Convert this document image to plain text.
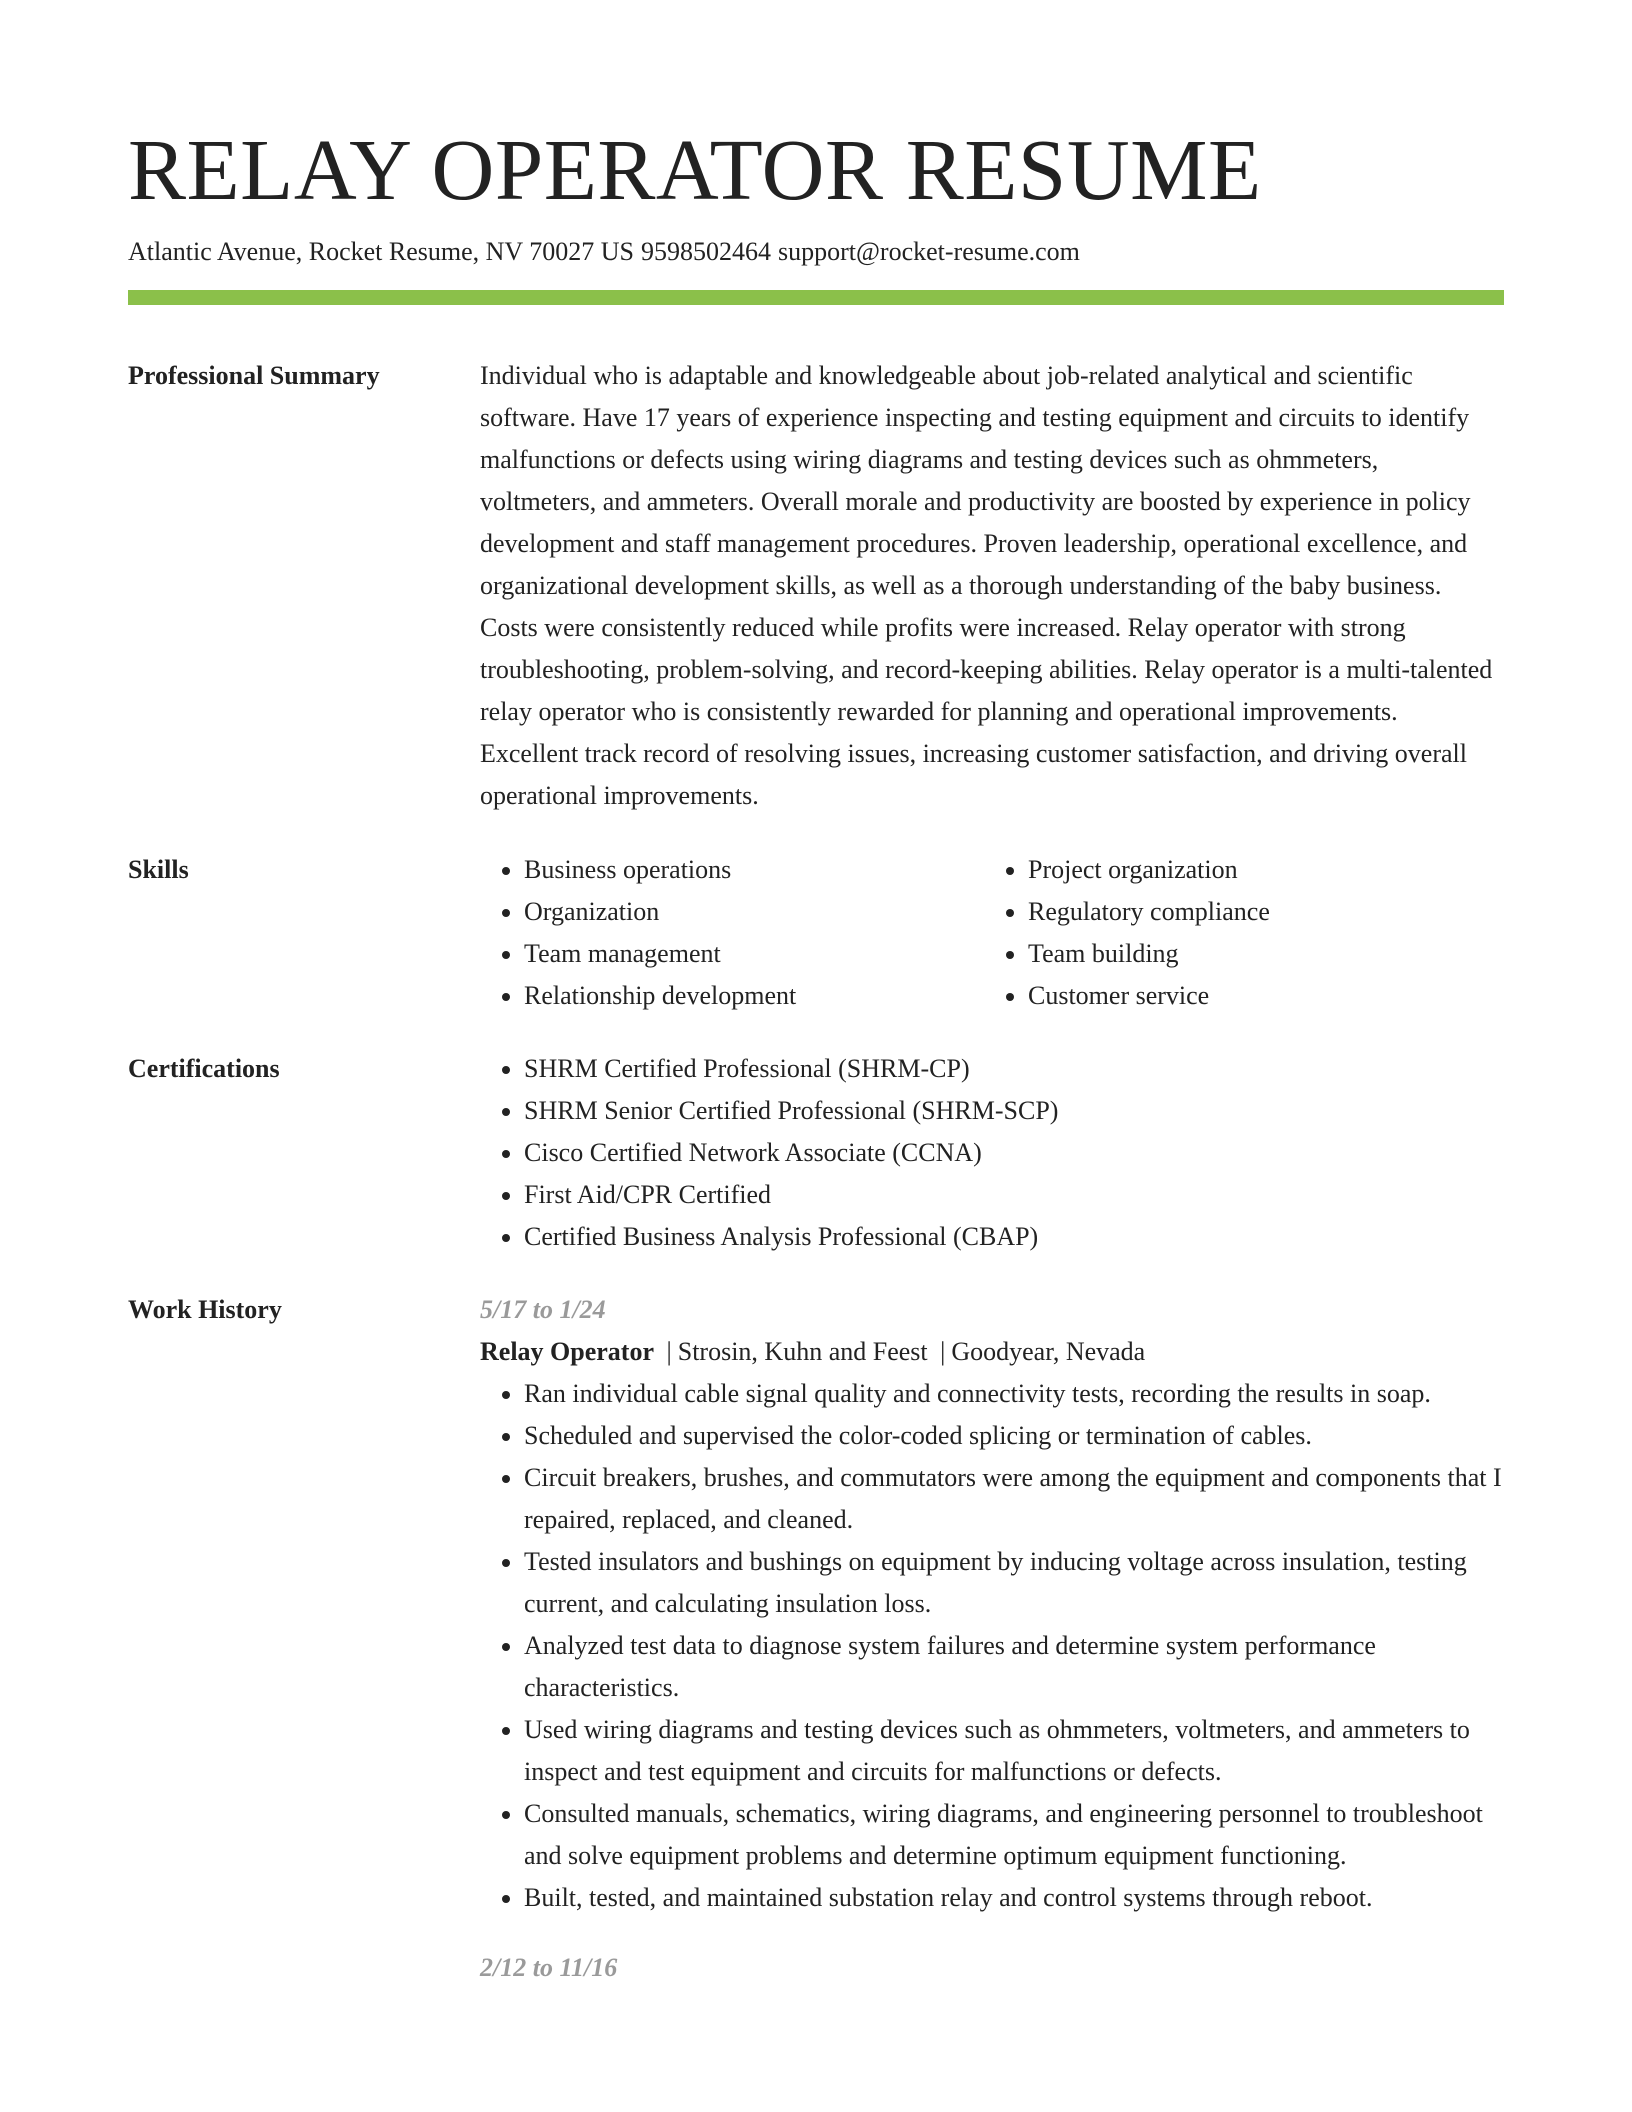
RELAY OPERATOR RESUME
Atlantic Avenue, Rocket Resume, NV 70027 US 9598502464 support@rocket-resume.com
Professional Summary	Individual who is adaptable and knowledgeable about job-related analytical and scientific software. Have 17 years of experience inspecting and testing equipment and circuits to identify malfunctions or defects using wiring diagrams and testing devices such as ohmmeters, voltmeters, and ammeters. Overall morale and productivity are boosted by experience in policy development and staff management procedures. Proven leadership, operational excellence, and organizational development skills, as well as a thorough understanding of the baby business. Costs were consistently reduced while profits were increased. Relay operator with strong troubleshooting, problem-solving, and record-keeping abilities. Relay operator is a multi-talented relay operator who is consistently rewarded for planning and operational improvements. Excellent track record of resolving issues, increasing customer satisfaction, and driving overall operational improvements.

Skills	• Business operations
• Organization
• Team management
• Relationship development
• Project organization
• Regulatory compliance
• Team building
• Customer service
Certifications	• SHRM Certified Professional (SHRM-CP)
• SHRM Senior Certified Professional (SHRM-SCP)
• Cisco Certified Network Associate (CCNA)
• First Aid/CPR Certified
• Certified Business Analysis Professional (CBAP)
Work History	5/17 to 1/24
Relay Operator | Strosin, Kuhn and Feest | Goodyear, Nevada
• Ran individual cable signal quality and connectivity tests, recording the results in soap.
• Scheduled and supervised the color-coded splicing or termination of cables.
• Circuit breakers, brushes, and commutators were among the equipment and components that I repaired, replaced, and cleaned.
• Tested insulators and bushings on equipment by inducing voltage across insulation, testing current, and calculating insulation loss.
• Analyzed test data to diagnose system failures and determine system performance characteristics.
• Used wiring diagrams and testing devices such as ohmmeters, voltmeters, and ammeters to inspect and test equipment and circuits for malfunctions or defects.
• Consulted manuals, schematics, wiring diagrams, and engineering personnel to troubleshoot and solve equipment problems and determine optimum equipment functioning.
• Built, tested, and maintained substation relay and control systems through reboot.
2/12 to 11/16
